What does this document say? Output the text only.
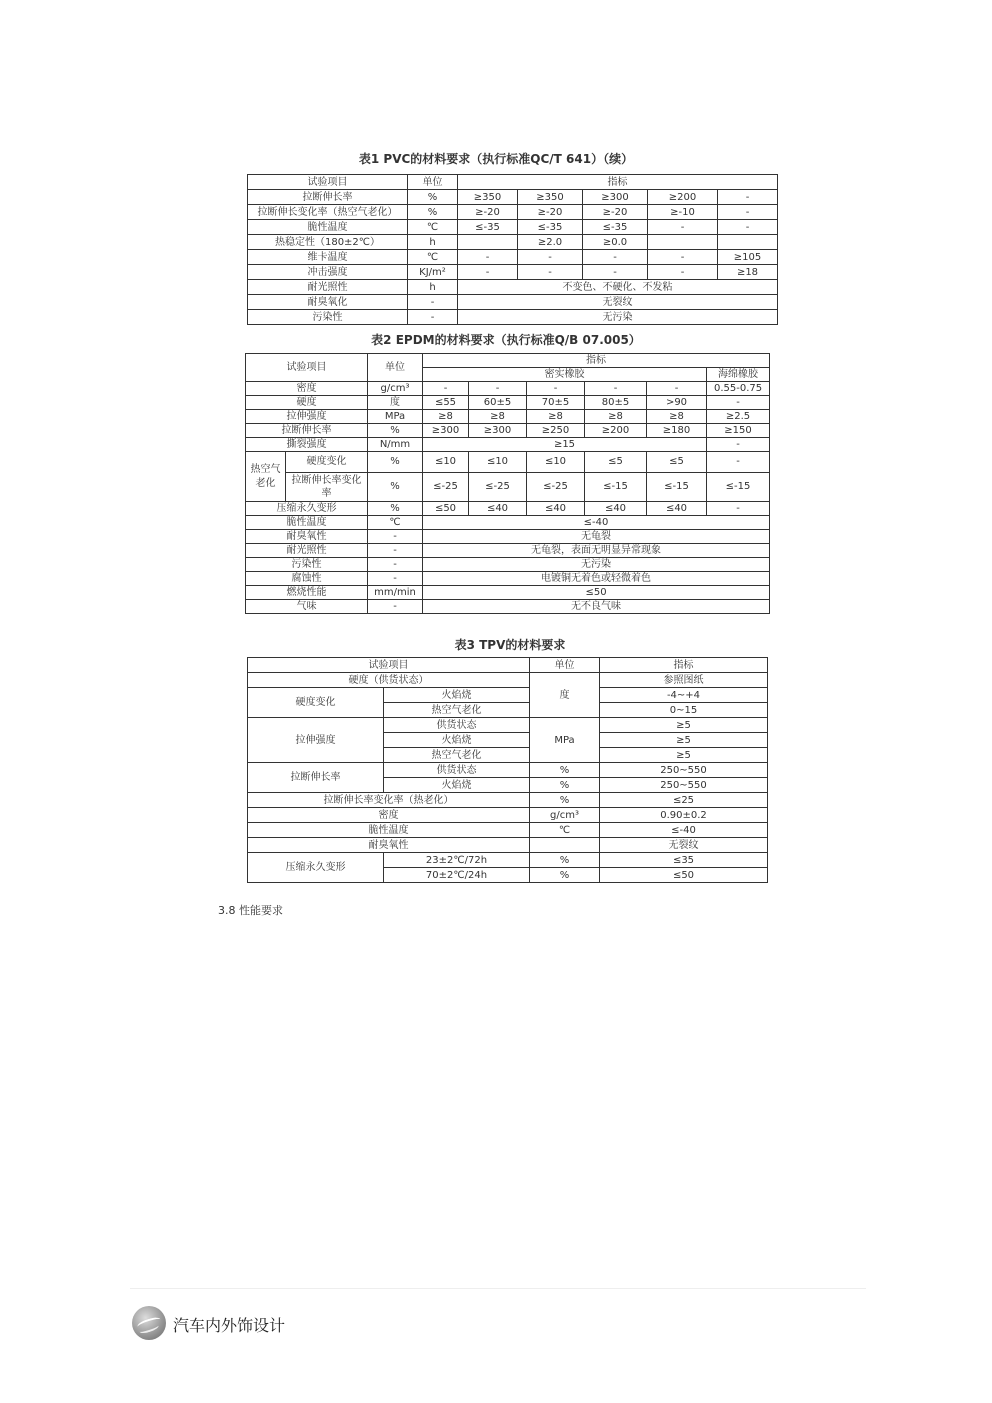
表1 PVC的材料要求（执行标准QC/T 641）（续）
试验项目	单位	指标				
拉断伸长率	%	≥350	≥350	≥300	≥200	-
拉断伸长变化率（热空气老化）	%	≥-20	≥-20	≥-20	≥-10	-
脆性温度	℃	≤-35	≤-35	≤-35	-	-
热稳定性（180±2℃）	h		≥2.0	≥0.0		
维卡温度	℃	-	-	-	-	≥105
冲击强度	KJ/m²	-	-	-	-	≥18
耐光照性	h	不变色、不硬化、不发粘				
耐臭氧化	-	无裂纹				
污染性	-	无污染				
表2 EPDM的材料要求（执行标准Q/B 07.005）
试验项目		单位	指标					
			密实橡胶					海绵橡胶
密度		g/cm³	-	-	-	-	-	0.55-0.75
硬度		度	≤55	60±5	70±5	80±5	>90	-
拉伸强度		MPa	≥8	≥8	≥8	≥8	≥8	≥2.5
拉断伸长率		%	≥300	≥300	≥250	≥200	≥180	≥150
撕裂强度		N/mm	≥15					-
热空气老化	硬度变化	%	≤10	≤10	≤10	≤5	≤5	-
	拉断伸长率变化率	%	≤-25	≤-25	≤-25	≤-15	≤-15	≤-15
压缩永久变形		%	≤50	≤40	≤40	≤40	≤40	-
脆性温度		℃	≤-40					
耐臭氧性		-	无龟裂					
耐光照性		-	无龟裂，表面无明显异常现象					
污染性		-	无污染					
腐蚀性		-	电镀铜无着色或轻微着色					
燃烧性能		mm/min	≤50					
气味		-	无不良气味					
表3 TPV的材料要求
试验项目		单位	指标
硬度（供货状态）		度	参照图纸
硬度变化	火焰烧		-4~+4
	热空气老化		0~15
拉伸强度	供货状态	MPa	≥5
	火焰烧		≥5
	热空气老化		≥5
拉断伸长率	供货状态	%	250~550
	火焰烧	%	250~550
拉断伸长率变化率（热老化）		%	≤25
密度		g/cm³	0.90±0.2
脆性温度		℃	≤-40
耐臭氧性			无裂纹
压缩永久变形	23±2℃/72h	%	≤35
	70±2℃/24h	%	≤50
3.8 性能要求
汽车内外饰设计
